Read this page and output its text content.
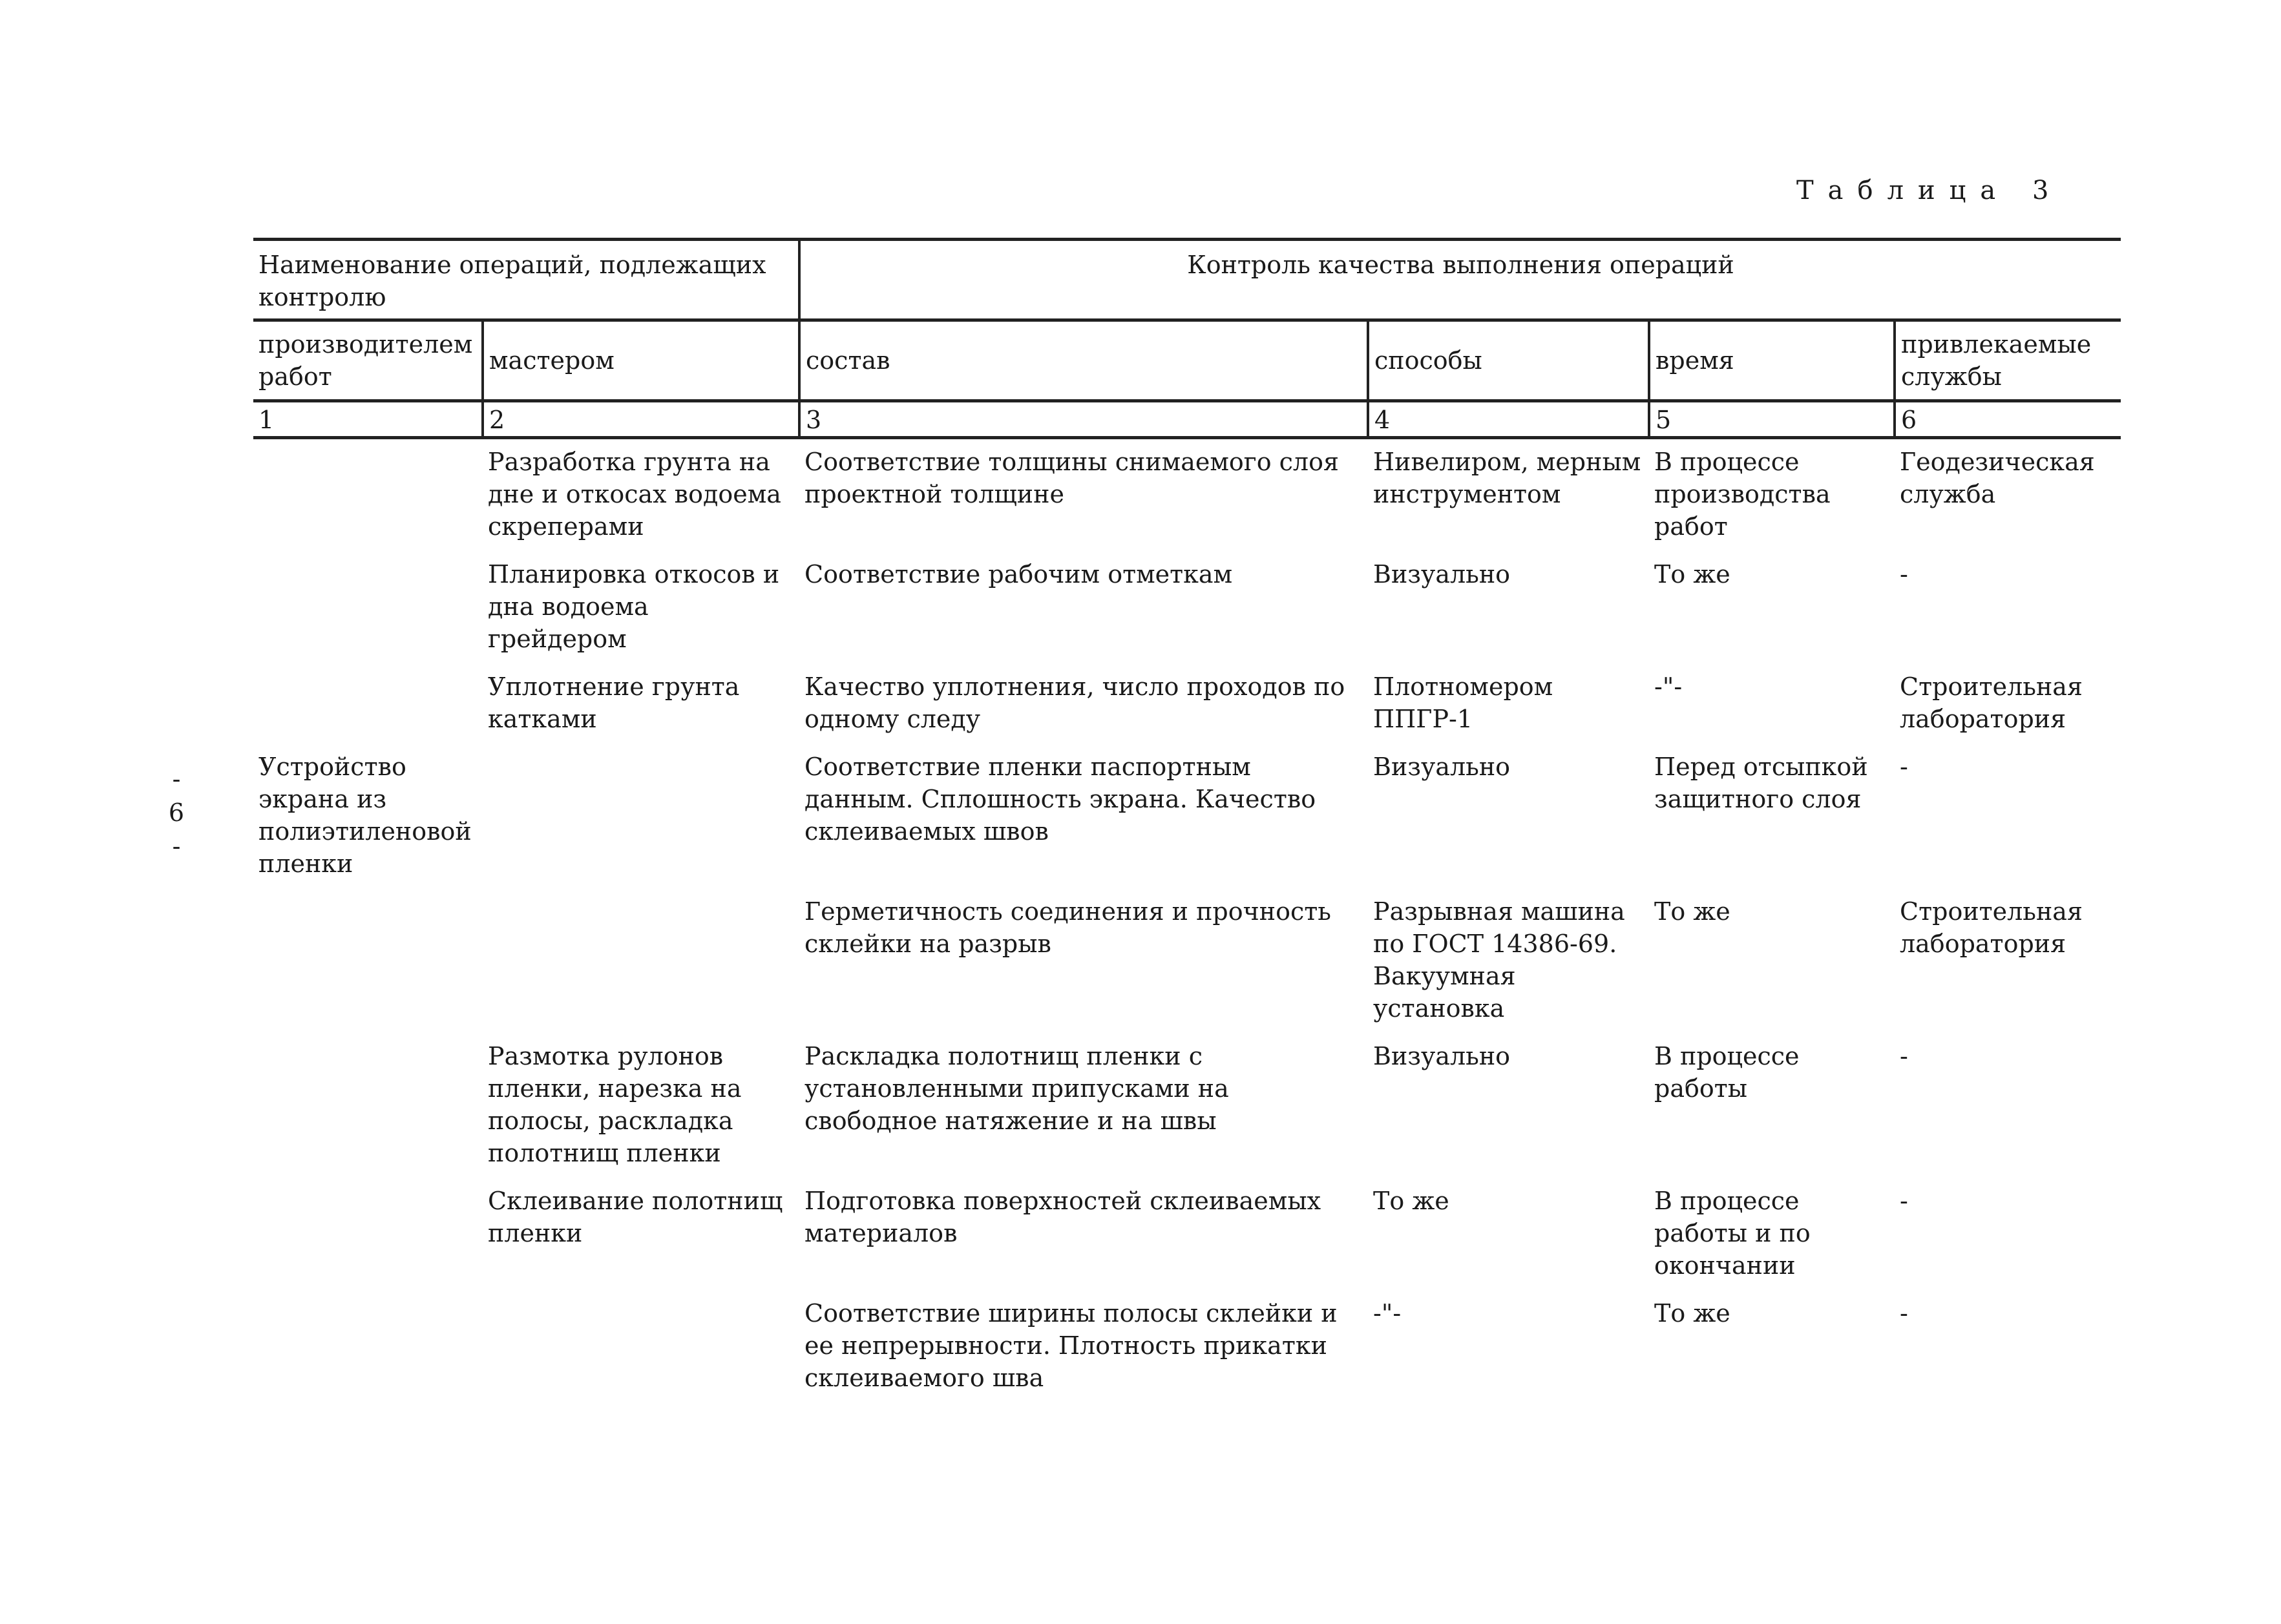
-
6
-
Таблица 3
Наименование операций, подлежащих контролю		Контроль качества выполнения операций			
производителем работ	мастером	состав	способы	время	привлекаемые службы
1	2	3	4	5	6
	Разработка грунта на дне и откосах водоема скреперами	Соответствие толщины снимаемого слоя проектной толщине	Нивелиром, мерным инструментом	В процессе производства работ	Геодезическая служба
	Планировка откосов и дна водоема грейдером	Соответствие рабочим отметкам	Визуально	То же	-
	Уплотнение грунта катками	Качество уплотнения, число проходов по одному следу	Плотномером ППГР-1	-"-	Строительная лаборатория
Устройство экрана из полиэтиленовой пленки		Соответствие пленки паспортным данным. Сплошность экрана. Качество склеиваемых швов	Визуально	Перед отсыпкой защитного слоя	-
		Герметичность соединения и прочность склейки на разрыв	Разрывная машина по ГОСТ 14386-69. Вакуумная установка	То же	Строительная лаборатория
	Размотка рулонов пленки, нарезка на полосы, раскладка полотнищ пленки	Раскладка полотнищ пленки с установленными припусками на свободное натяжение и на швы	Визуально	В процессе работы	-
	Склеивание полотнищ пленки	Подготовка поверхностей склеиваемых материалов	То же	В процессе работы и по окончании	-
		Соответствие ширины полосы склейки и ее непрерывности. Плотность прикатки склеиваемого шва	-"-	То же	-
